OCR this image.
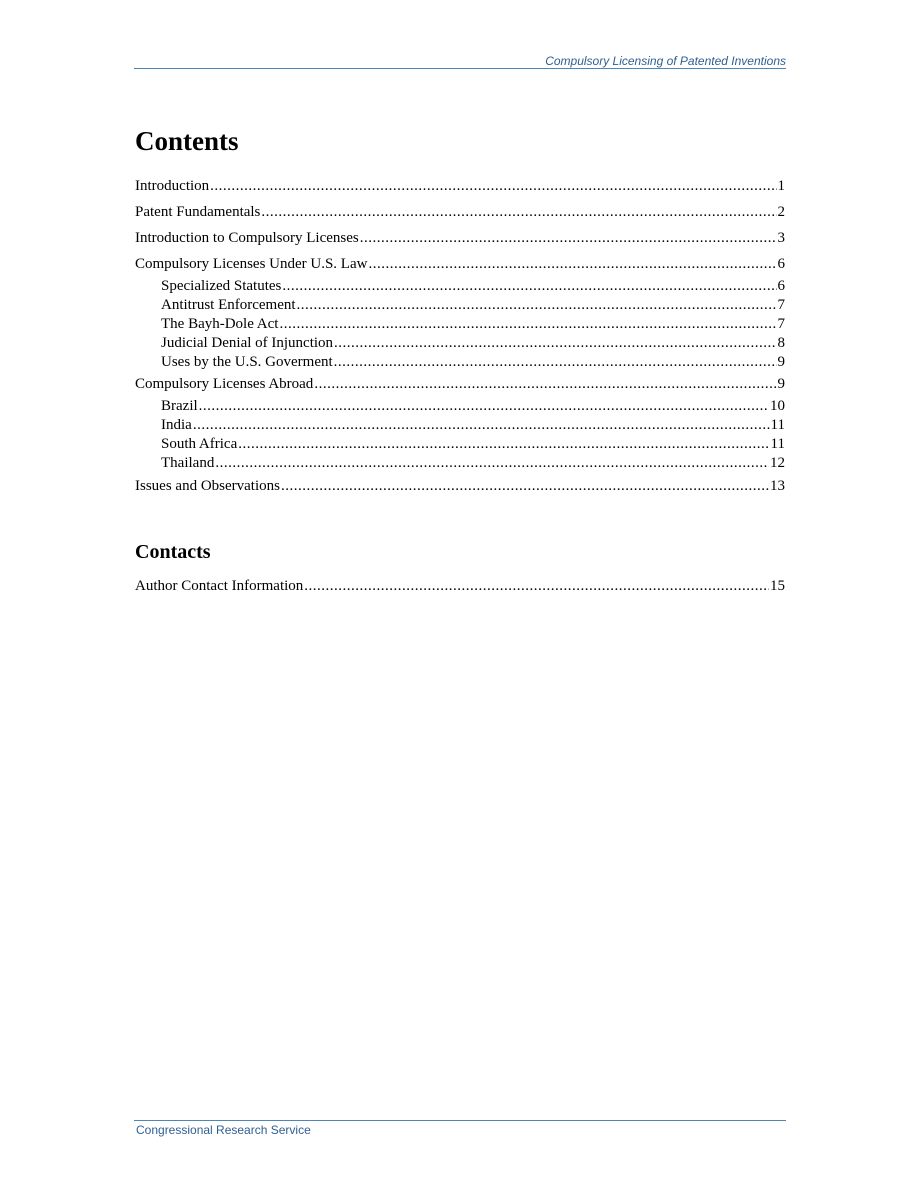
Compulsory Licensing of Patented Inventions
Contents
Introduction .....	1
Patent Fundamentals .....	2
Introduction to Compulsory Licenses .....	3
Compulsory Licenses Under U.S. Law .....	6
Specialized Statutes .....	6
Antitrust Enforcement .....	7
The Bayh-Dole Act .....	7
Judicial Denial of Injunction .....	8
Uses by the U.S. Goverment .....	9
Compulsory Licenses Abroad .....	9
Brazil .....	10
India .....	11
South Africa .....	11
Thailand .....	12
Issues and Observations .....	13
Contacts
Author Contact Information .....	15
Congressional Research Service
